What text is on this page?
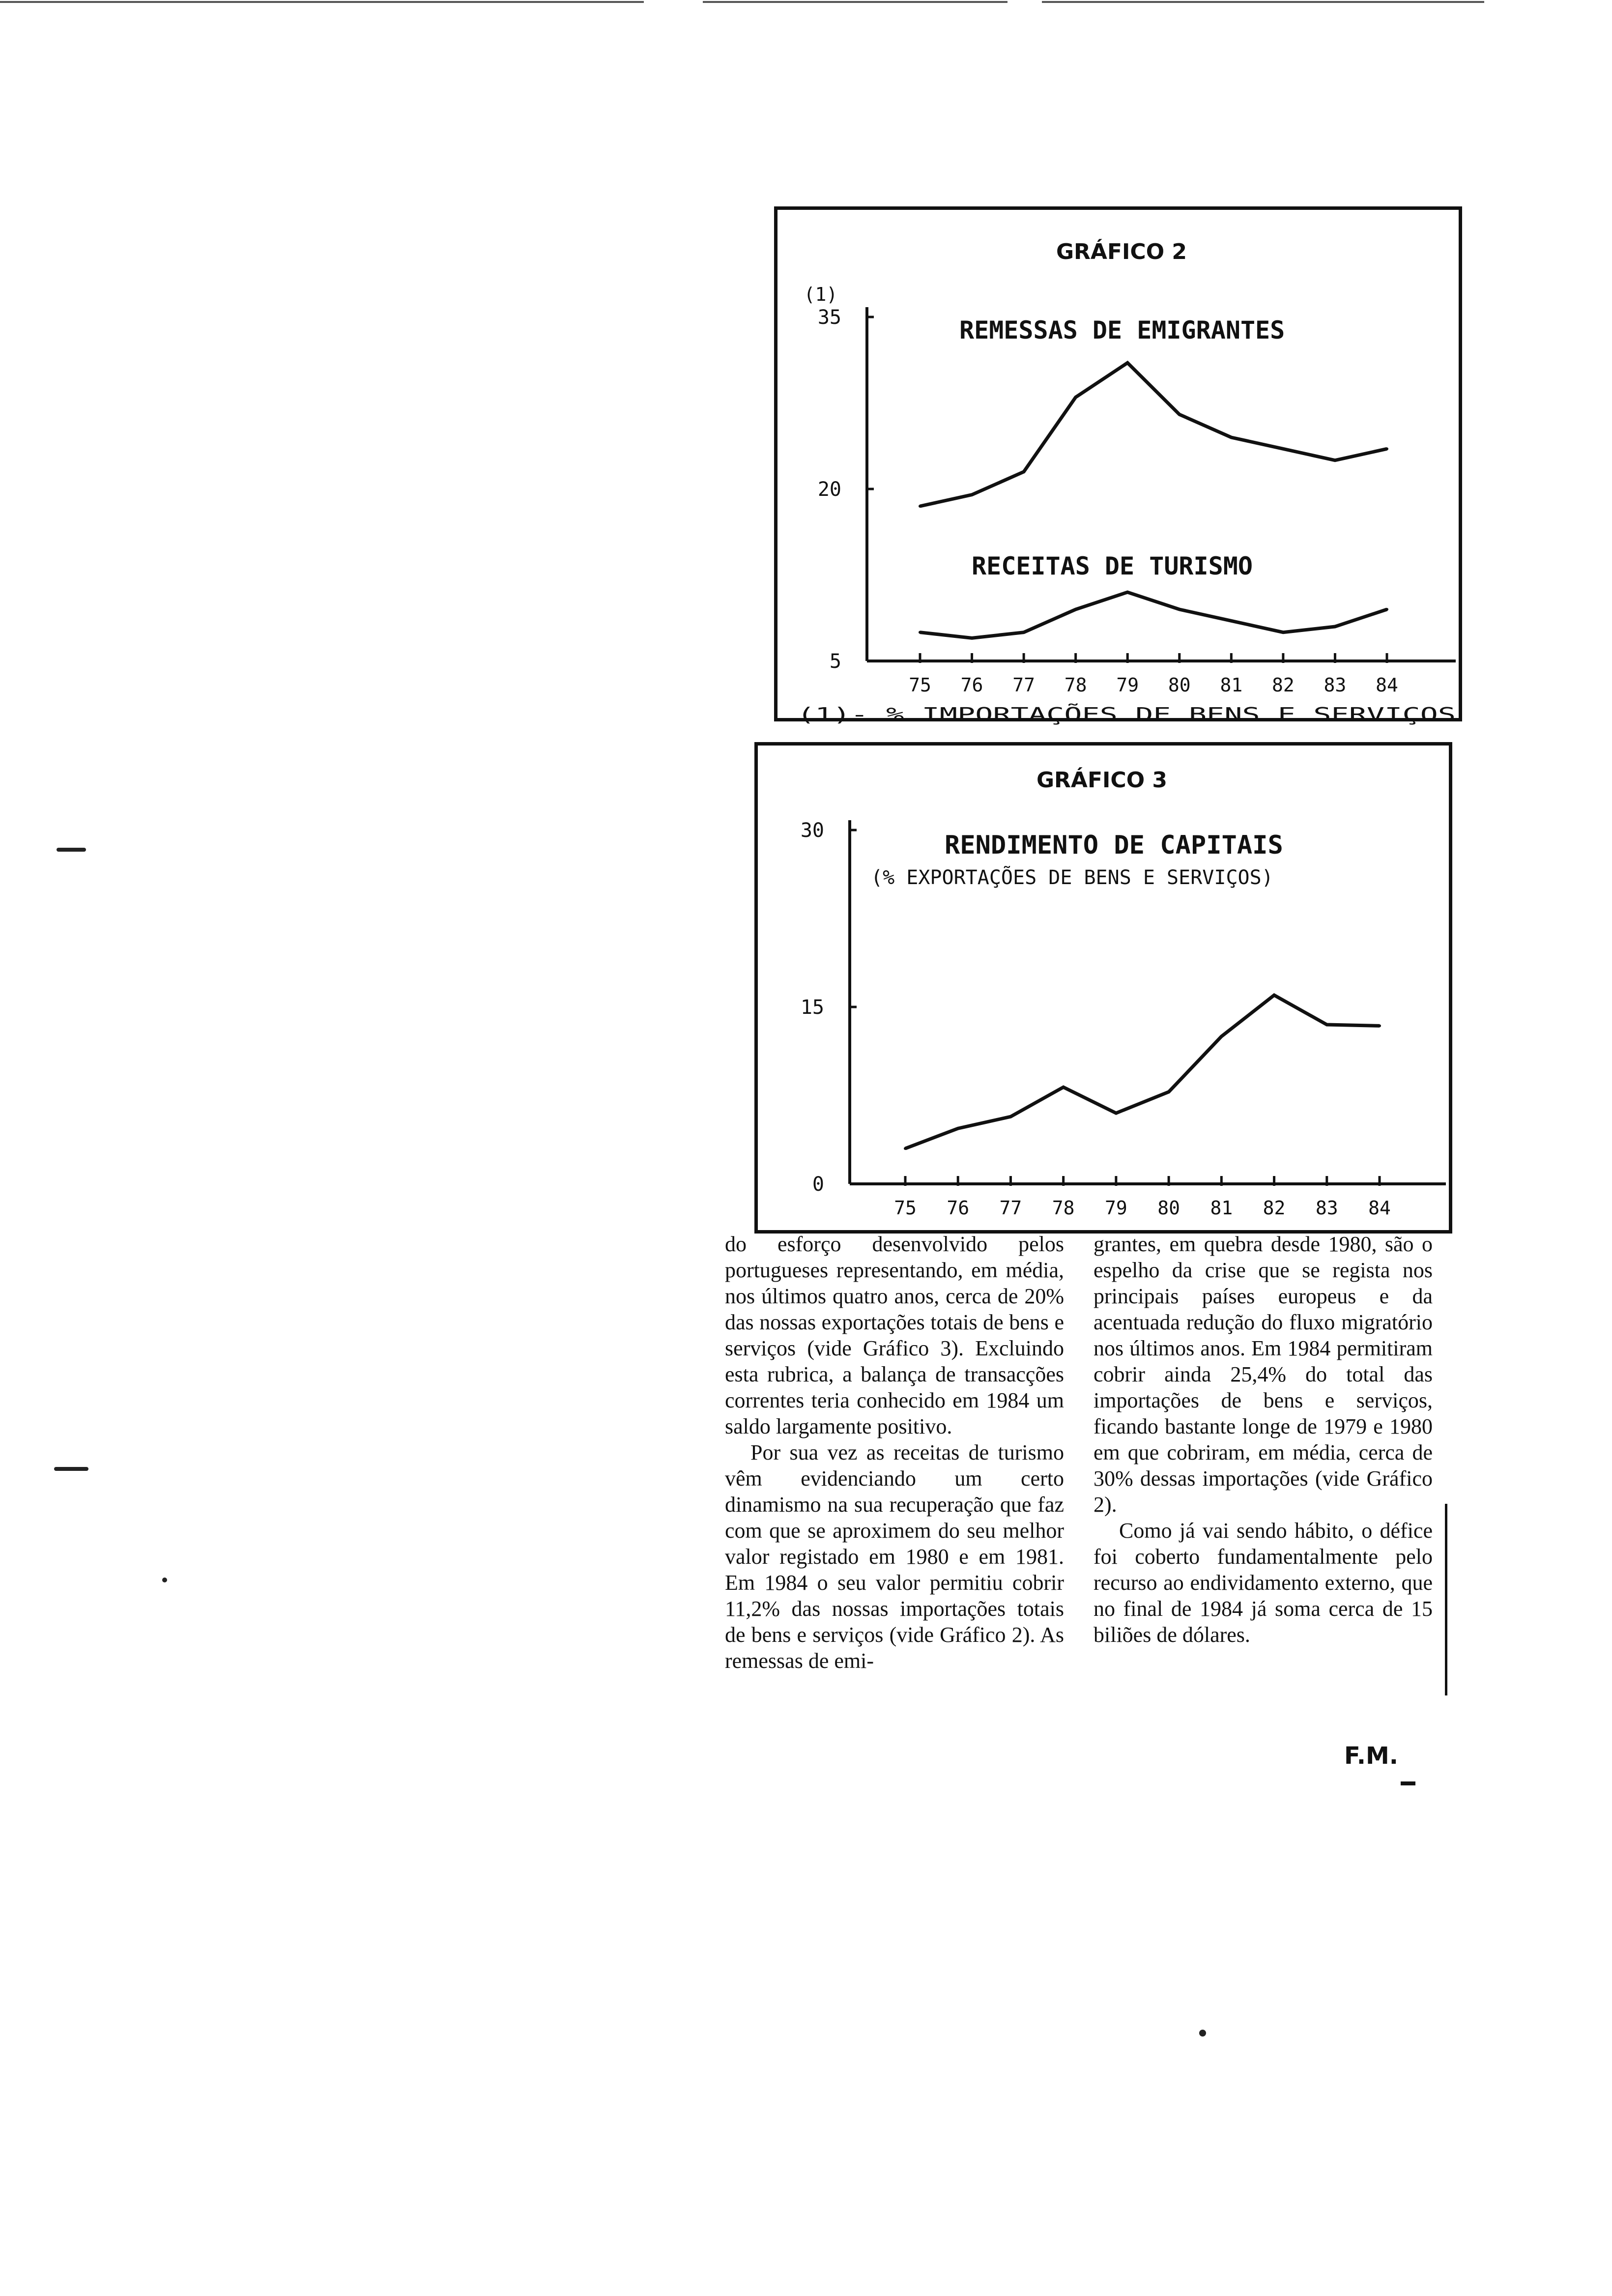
GRÁFICO 2
(1)
REMESSAS DE EMIGRANTES
RECEITAS DE TURISMO
(1)- % IMPORTAÇÕES DE BENS E SERVIÇOS
35
20
5
75 76 77 78 79 80 81 82 83 84
GRÁFICO 3
RENDIMENTO DE CAPITAIS
(% EXPORTAÇÕES DE BENS E SERVIÇOS)
30
15
0
75 76 77 78 79 80 81 82 83 84

do esforço desenvolvido pelos portugueses representando, em média, nos últimos quatro anos, cerca de 20% das nossas exportações totais de bens e serviços (vide Gráfico 3). Excluindo esta rubrica, a balança de transacções correntes teria conhecido em 1984 um saldo largamente positivo.

Por sua vez as receitas de turismo vêm evidenciando um certo dinamismo na sua recuperação que faz com que se aproximem do seu melhor valor registado em 1980 e em 1981. Em 1984 o seu valor permitiu cobrir 11,2% das nossas importações totais de bens e serviços (vide Gráfico 2). As remessas de emi-

grantes, em quebra desde 1980, são o espelho da crise que se regista nos principais países europeus e da acentuada redução do fluxo migratório nos últimos anos. Em 1984 permitiram cobrir ainda 25,4% do total das importações de bens e serviços, ficando bastante longe de 1979 e 1980 em que cobriram, em média, cerca de 30% dessas importações (vide Gráfico 2).

Como já vai sendo hábito, o défice foi coberto fundamentalmente pelo recurso ao endividamento externo, que no final de 1984 já soma cerca de 15 biliões de dólares.

F.M.
